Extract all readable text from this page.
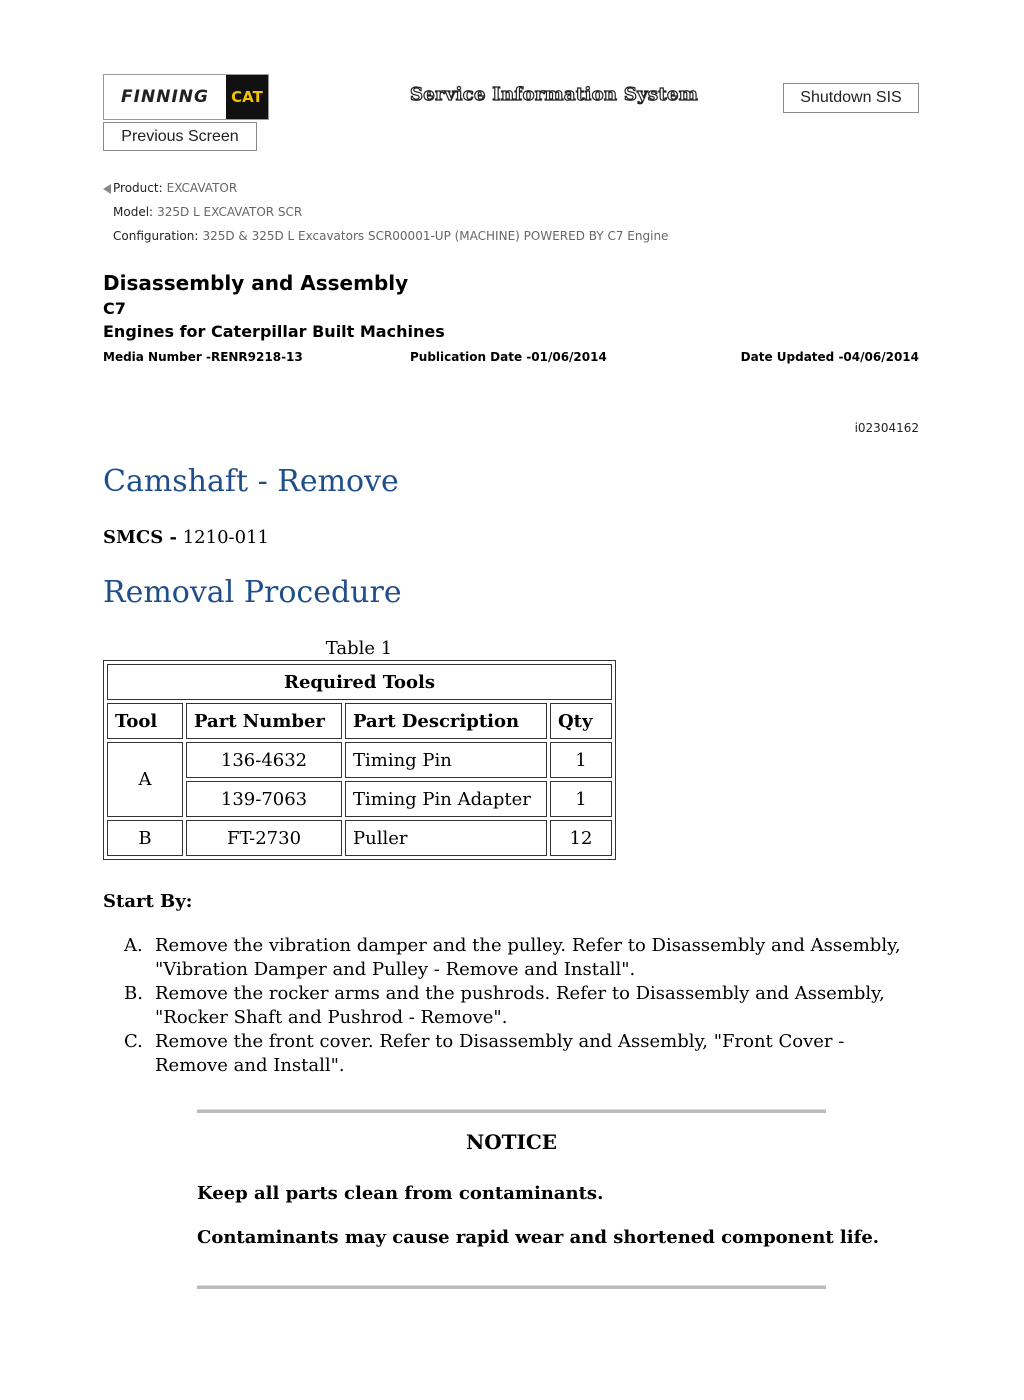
FINNING	CAT	Service Information System	Shutdown SIS
Previous Screen
Product: EXCAVATOR
Model: 325D L EXCAVATOR SCR
Configuration: 325D & 325D L Excavators SCR00001-UP (MACHINE) POWERED BY C7 Engine
Disassembly and Assembly
C7
Engines for Caterpillar Built Machines
Media Number -RENR9218-13	Publication Date -01/06/2014	Date Updated -04/06/2014
i02304162
Camshaft - Remove
SMCS - 1210-011
Removal Procedure
Table 1
Required Tools			
Tool	Part Number	Part Description	Qty
A	136-4632	Timing Pin	1
	139-7063	Timing Pin Adapter	1
B	FT-2730	Puller	12
Start By:
A. Remove the vibration damper and the pulley. Refer to Disassembly and Assembly, "Vibration Damper and Pulley - Remove and Install".
B. Remove the rocker arms and the pushrods. Refer to Disassembly and Assembly, "Rocker Shaft and Pushrod - Remove".
C. Remove the front cover. Refer to Disassembly and Assembly, "Front Cover - Remove and Install".
NOTICE
Keep all parts clean from contaminants.
Contaminants may cause rapid wear and shortened component life.
